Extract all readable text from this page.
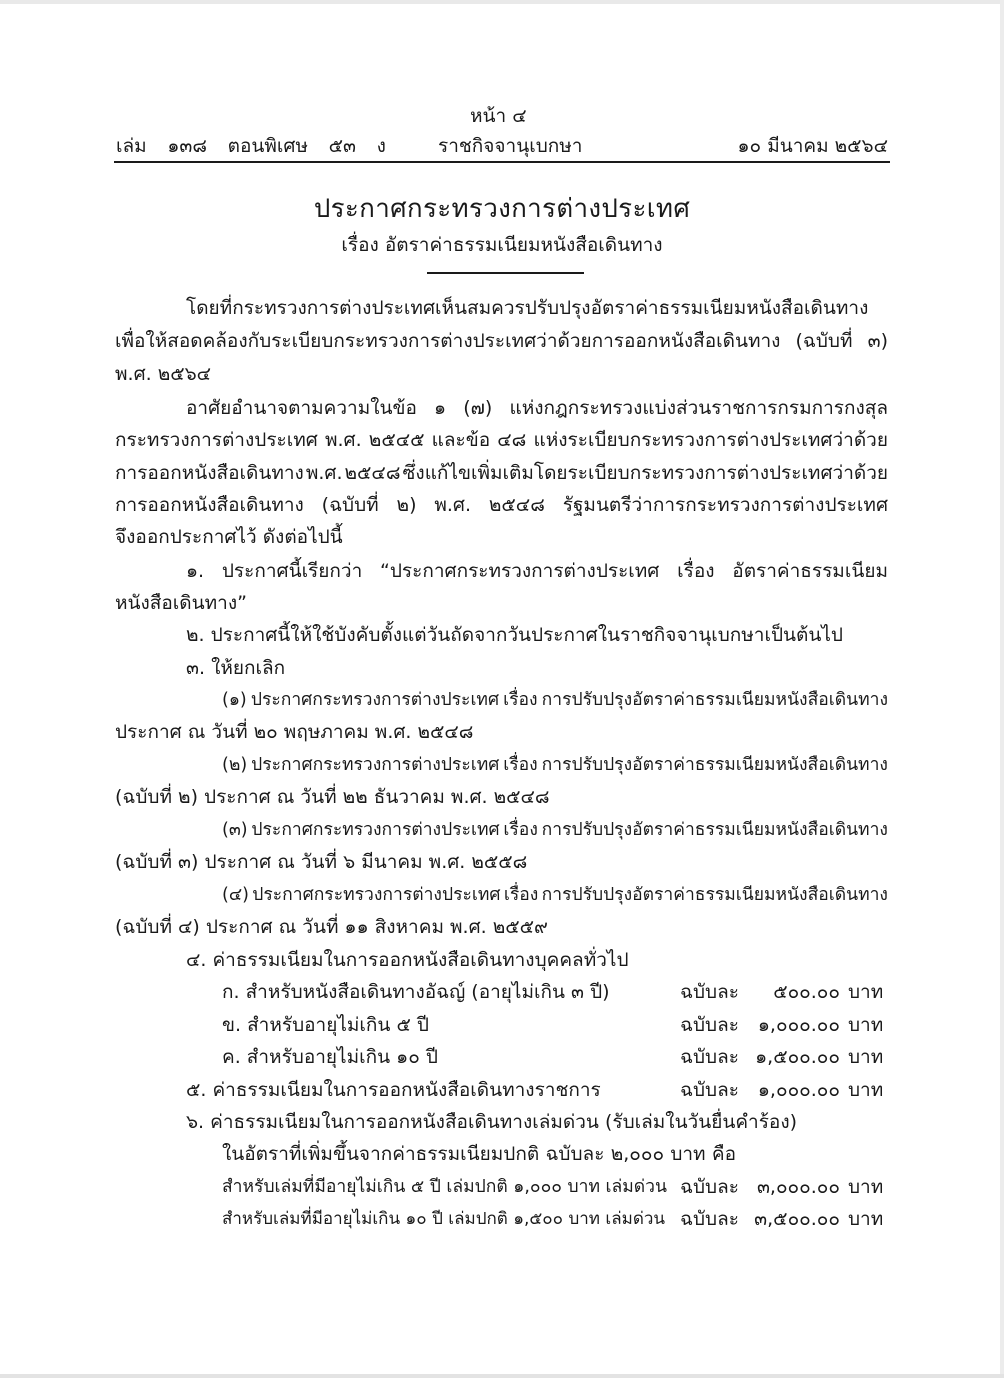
หน้า ๔
เล่ม ๑๓๘ ตอนพิเศษ ๕๓ ง	ราชกิจจานุเบกษา	๑๐ มีนาคม ๒๕๖๔
ประกาศกระทรวงการต่างประเทศ
เรื่อง อัตราค่าธรรมเนียมหนังสือเดินทาง
โดยที่กระทรวงการต่างประเทศเห็นสมควรปรับปรุงอัตราค่าธรรมเนียมหนังสือเดินทาง
เพื่อให้สอดคล้องกับระเบียบกระทรวงการต่างประเทศว่าด้วยการออกหนังสือเดินทาง (ฉบับที่ ๓)
พ.ศ. ๒๕๖๔
อาศัยอำนาจตามความในข้อ ๑ (๗) แห่งกฎกระทรวงแบ่งส่วนราชการกรมการกงสุล
กระทรวงการต่างประเทศ พ.ศ. ๒๕๔๕ และข้อ ๔๘ แห่งระเบียบกระทรวงการต่างประเทศว่าด้วย
การออกหนังสือเดินทาง พ.ศ. ๒๕๔๘ ซึ่งแก้ไขเพิ่มเติมโดยระเบียบกระทรวงการต่างประเทศว่าด้วย
การออกหนังสือเดินทาง (ฉบับที่ ๒) พ.ศ. ๒๕๔๘ รัฐมนตรีว่าการกระทรวงการต่างประเทศ
จึงออกประกาศไว้ ดังต่อไปนี้
๑. ประกาศนี้เรียกว่า “ประกาศกระทรวงการต่างประเทศ เรื่อง อัตราค่าธรรมเนียม
หนังสือเดินทาง”
๒. ประกาศนี้ให้ใช้บังคับตั้งแต่วันถัดจากวันประกาศในราชกิจจานุเบกษาเป็นต้นไป
๓. ให้ยกเลิก
(๑) ประกาศกระทรวงการต่างประเทศ เรื่อง การปรับปรุงอัตราค่าธรรมเนียมหนังสือเดินทาง
ประกาศ ณ วันที่ ๒๐ พฤษภาคม พ.ศ. ๒๕๔๘
(๒) ประกาศกระทรวงการต่างประเทศ เรื่อง การปรับปรุงอัตราค่าธรรมเนียมหนังสือเดินทาง
(ฉบับที่ ๒) ประกาศ ณ วันที่ ๒๒ ธันวาคม พ.ศ. ๒๕๔๘
(๓) ประกาศกระทรวงการต่างประเทศ เรื่อง การปรับปรุงอัตราค่าธรรมเนียมหนังสือเดินทาง
(ฉบับที่ ๓) ประกาศ ณ วันที่ ๖ มีนาคม พ.ศ. ๒๕๕๘
(๔) ประกาศกระทรวงการต่างประเทศ เรื่อง การปรับปรุงอัตราค่าธรรมเนียมหนังสือเดินทาง
(ฉบับที่ ๔) ประกาศ ณ วันที่ ๑๑ สิงหาคม พ.ศ. ๒๕๕๙
๔. ค่าธรรมเนียมในการออกหนังสือเดินทางบุคคลทั่วไป
ก. สำหรับหนังสือเดินทางอัฉญ์ (อายุไม่เกิน ๓ ปี)	ฉบับละ	๕๐๐.๐๐ บาท
ข. สำหรับอายุไม่เกิน ๕ ปี	ฉบับละ ๑,๐๐๐.๐๐ บาท
ค. สำหรับอายุไม่เกิน ๑๐ ปี	ฉบับละ ๑,๕๐๐.๐๐ บาท
๕. ค่าธรรมเนียมในการออกหนังสือเดินทางราชการ	ฉบับละ ๑,๐๐๐.๐๐ บาท
๖. ค่าธรรมเนียมในการออกหนังสือเดินทางเล่มด่วน (รับเล่มในวันยื่นคำร้อง)
ในอัตราที่เพิ่มขึ้นจากค่าธรรมเนียมปกติ ฉบับละ ๒,๐๐๐ บาท คือ
สำหรับเล่มที่มีอายุไม่เกิน ๕ ปี เล่มปกติ ๑,๐๐๐ บาท เล่มด่วน ฉบับละ ๓,๐๐๐.๐๐ บาท
สำหรับเล่มที่มีอายุไม่เกิน ๑๐ ปี เล่มปกติ ๑,๕๐๐ บาท เล่มด่วน ฉบับละ ๓,๕๐๐.๐๐ บาท
